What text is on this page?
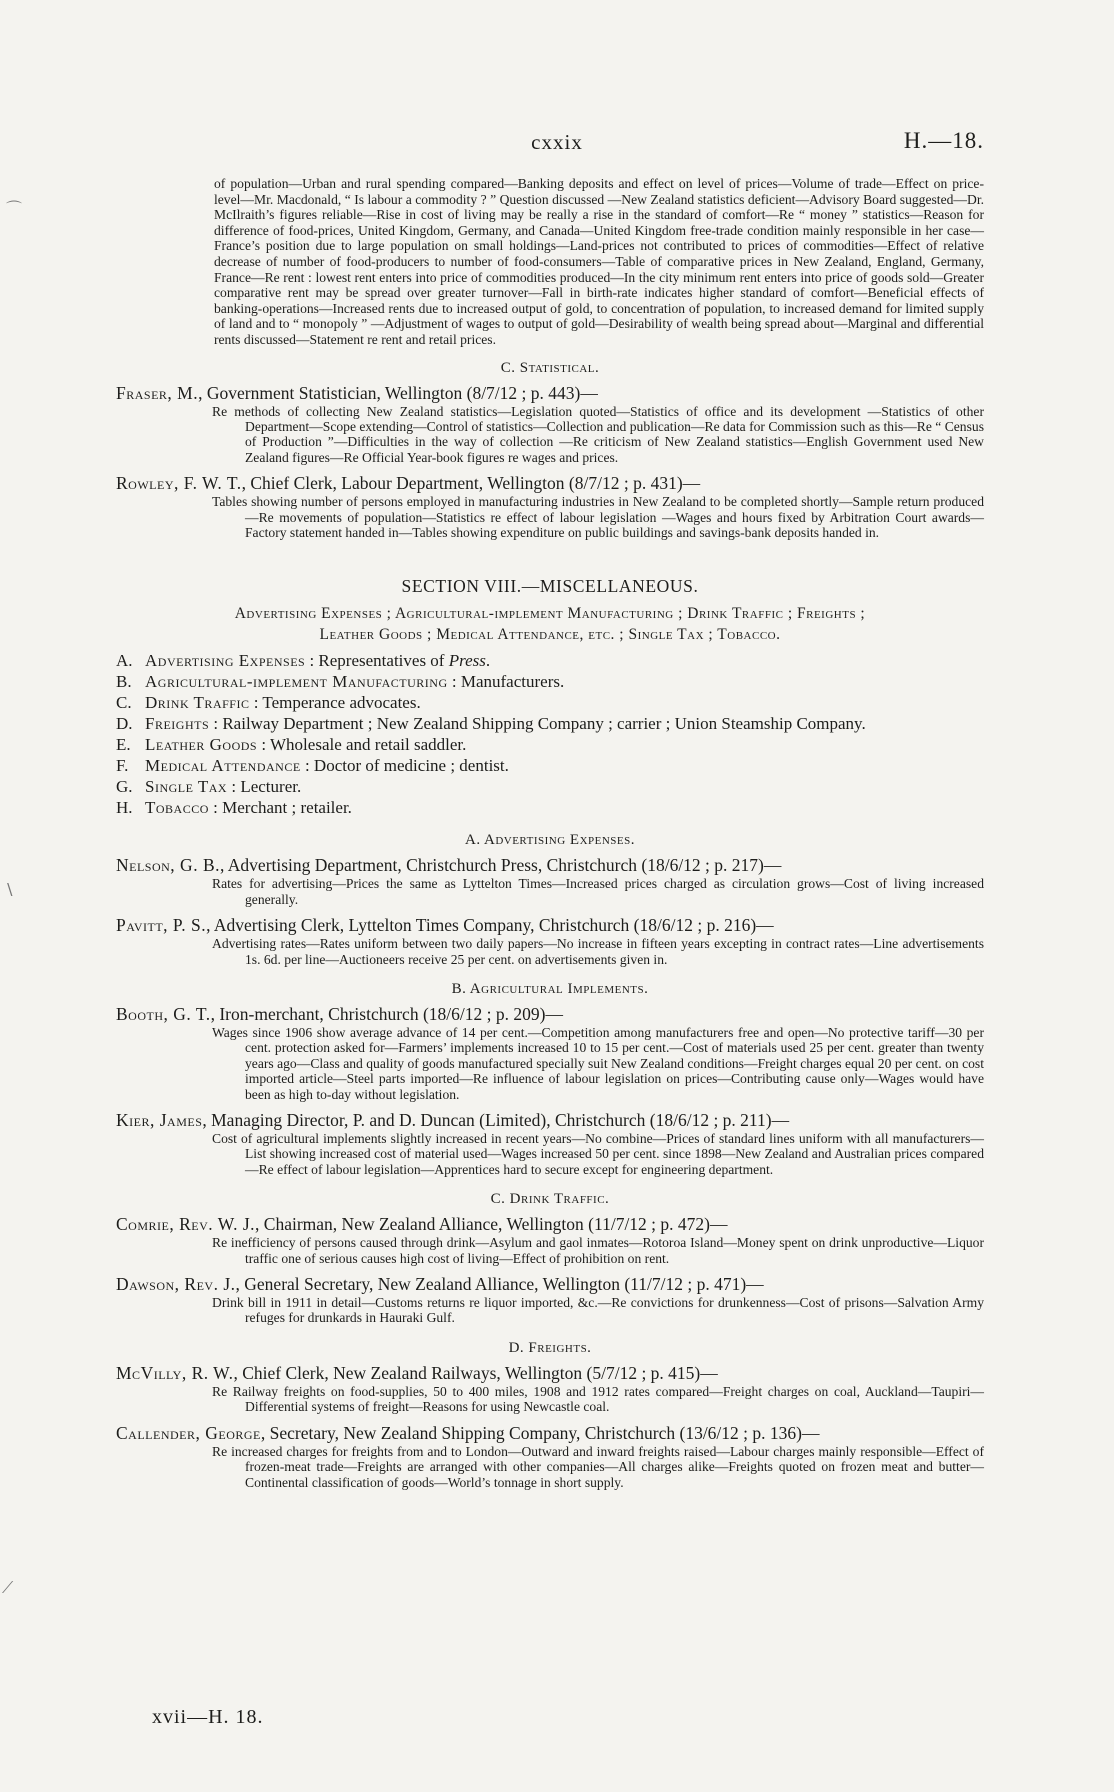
cxxix	H.—18.
⌒
∖
⟋

of population—Urban and rural spending compared—Banking deposits and effect on level of prices—Volume of trade—Effect on price-level—Mr. Macdonald, “ Is labour a commodity ? ” Question discussed —New Zealand statistics deficient—Advisory Board suggested—Dr. McIlraith’s figures reliable—Rise in cost of living may be really a rise in the standard of comfort—Re “ money ” statistics—Reason for difference of food-prices, United Kingdom, Germany, and Canada—United Kingdom free-trade condition mainly responsible in her case—France’s position due to large population on small holdings—Land-prices not contributed to prices of commodities—Effect of relative decrease of number of food-producers to number of food-consumers—Table of comparative prices in New Zealand, England, Germany, France—Re rent : lowest rent enters into price of commodities produced—In the city minimum rent enters into price of goods sold—Greater comparative rent may be spread over greater turnover—Fall in birth-rate indicates higher standard of comfort—Beneficial effects of banking-operations—Increased rents due to increased output of gold, to concentration of population, to increased demand for limited supply of land and to “ monopoly ” —Adjustment of wages to output of gold—Desirability of wealth being spread about—Marginal and differential rents discussed—Statement re rent and retail prices.

C. Statistical.

Fraser, M., Government Statistician, Wellington (8/7/12 ; p. 443)—

Re methods of collecting New Zealand statistics—Legislation quoted—Statistics of office and its development —Statistics of other Department—Scope extending—Control of statistics—Collection and publication—Re data for Commission such as this—Re “ Census of Production ”—Difficulties in the way of collection —Re criticism of New Zealand statistics—English Government used New Zealand figures—Re Official Year-book figures re wages and prices.

Rowley, F. W. T., Chief Clerk, Labour Department, Wellington (8/7/12 ; p. 431)—

Tables showing number of persons employed in manufacturing industries in New Zealand to be completed shortly—Sample return produced—Re movements of population—Statistics re effect of labour legislation —Wages and hours fixed by Arbitration Court awards—Factory statement handed in—Tables showing expenditure on public buildings and savings-bank deposits handed in.

SECTION VIII.—MISCELLANEOUS.
Advertising Expenses ; Agricultural-implement Manufacturing ; Drink Traffic ; Freights ;
Leather Goods ; Medical Attendance, etc. ; Single Tax ; Tobacco.
A. Advertising Expenses : Representatives of Press.
B. Agricultural-implement Manufacturing : Manufacturers.
C. Drink Traffic : Temperance advocates.
D. Freights : Railway Department ; New Zealand Shipping Company ; carrier ; Union Steamship Company.
E. Leather Goods : Wholesale and retail saddler.
F. Medical Attendance : Doctor of medicine ; dentist.
G. Single Tax : Lecturer.
H. Tobacco : Merchant ; retailer.
A. Advertising Expenses.

Nelson, G. B., Advertising Department, Christchurch Press, Christchurch (18/6/12 ; p. 217)—

Rates for advertising—Prices the same as Lyttelton Times—Increased prices charged as circulation grows—Cost of living increased generally.

Pavitt, P. S., Advertising Clerk, Lyttelton Times Company, Christchurch (18/6/12 ; p. 216)—

Advertising rates—Rates uniform between two daily papers—No increase in fifteen years excepting in contract rates—Line advertisements 1s. 6d. per line—Auctioneers receive 25 per cent. on advertisements given in.

B. Agricultural Implements.

Booth, G. T., Iron-merchant, Christchurch (18/6/12 ; p. 209)—

Wages since 1906 show average advance of 14 per cent.—Competition among manufacturers free and open—No protective tariff—30 per cent. protection asked for—Farmers’ implements increased 10 to 15 per cent.—Cost of materials used 25 per cent. greater than twenty years ago—Class and quality of goods manufactured specially suit New Zealand conditions—Freight charges equal 20 per cent. on cost imported article—Steel parts imported—Re influence of labour legislation on prices—Contributing cause only—Wages would have been as high to-day without legislation.

Kier, James, Managing Director, P. and D. Duncan (Limited), Christchurch (18/6/12 ; p. 211)—

Cost of agricultural implements slightly increased in recent years—No combine—Prices of standard lines uniform with all manufacturers—List showing increased cost of material used—Wages increased 50 per cent. since 1898—New Zealand and Australian prices compared—Re effect of labour legislation—Apprentices hard to secure except for engineering department.

C. Drink Traffic.

Comrie, Rev. W. J., Chairman, New Zealand Alliance, Wellington (11/7/12 ; p. 472)—

Re inefficiency of persons caused through drink—Asylum and gaol inmates—Rotoroa Island—Money spent on drink unproductive—Liquor traffic one of serious causes high cost of living—Effect of prohibition on rent.

Dawson, Rev. J., General Secretary, New Zealand Alliance, Wellington (11/7/12 ; p. 471)—

Drink bill in 1911 in detail—Customs returns re liquor imported, &c.—Re convictions for drunkenness—Cost of prisons—Salvation Army refuges for drunkards in Hauraki Gulf.

D. Freights.

McVilly, R. W., Chief Clerk, New Zealand Railways, Wellington (5/7/12 ; p. 415)—

Re Railway freights on food-supplies, 50 to 400 miles, 1908 and 1912 rates compared—Freight charges on coal, Auckland—Taupiri—Differential systems of freight—Reasons for using Newcastle coal.

Callender, George, Secretary, New Zealand Shipping Company, Christchurch (13/6/12 ; p. 136)—

Re increased charges for freights from and to London—Outward and inward freights raised—Labour charges mainly responsible—Effect of frozen-meat trade—Freights are arranged with other companies—All charges alike—Freights quoted on frozen meat and butter—Continental classification of goods—World’s tonnage in short supply.

xvii—H. 18.
